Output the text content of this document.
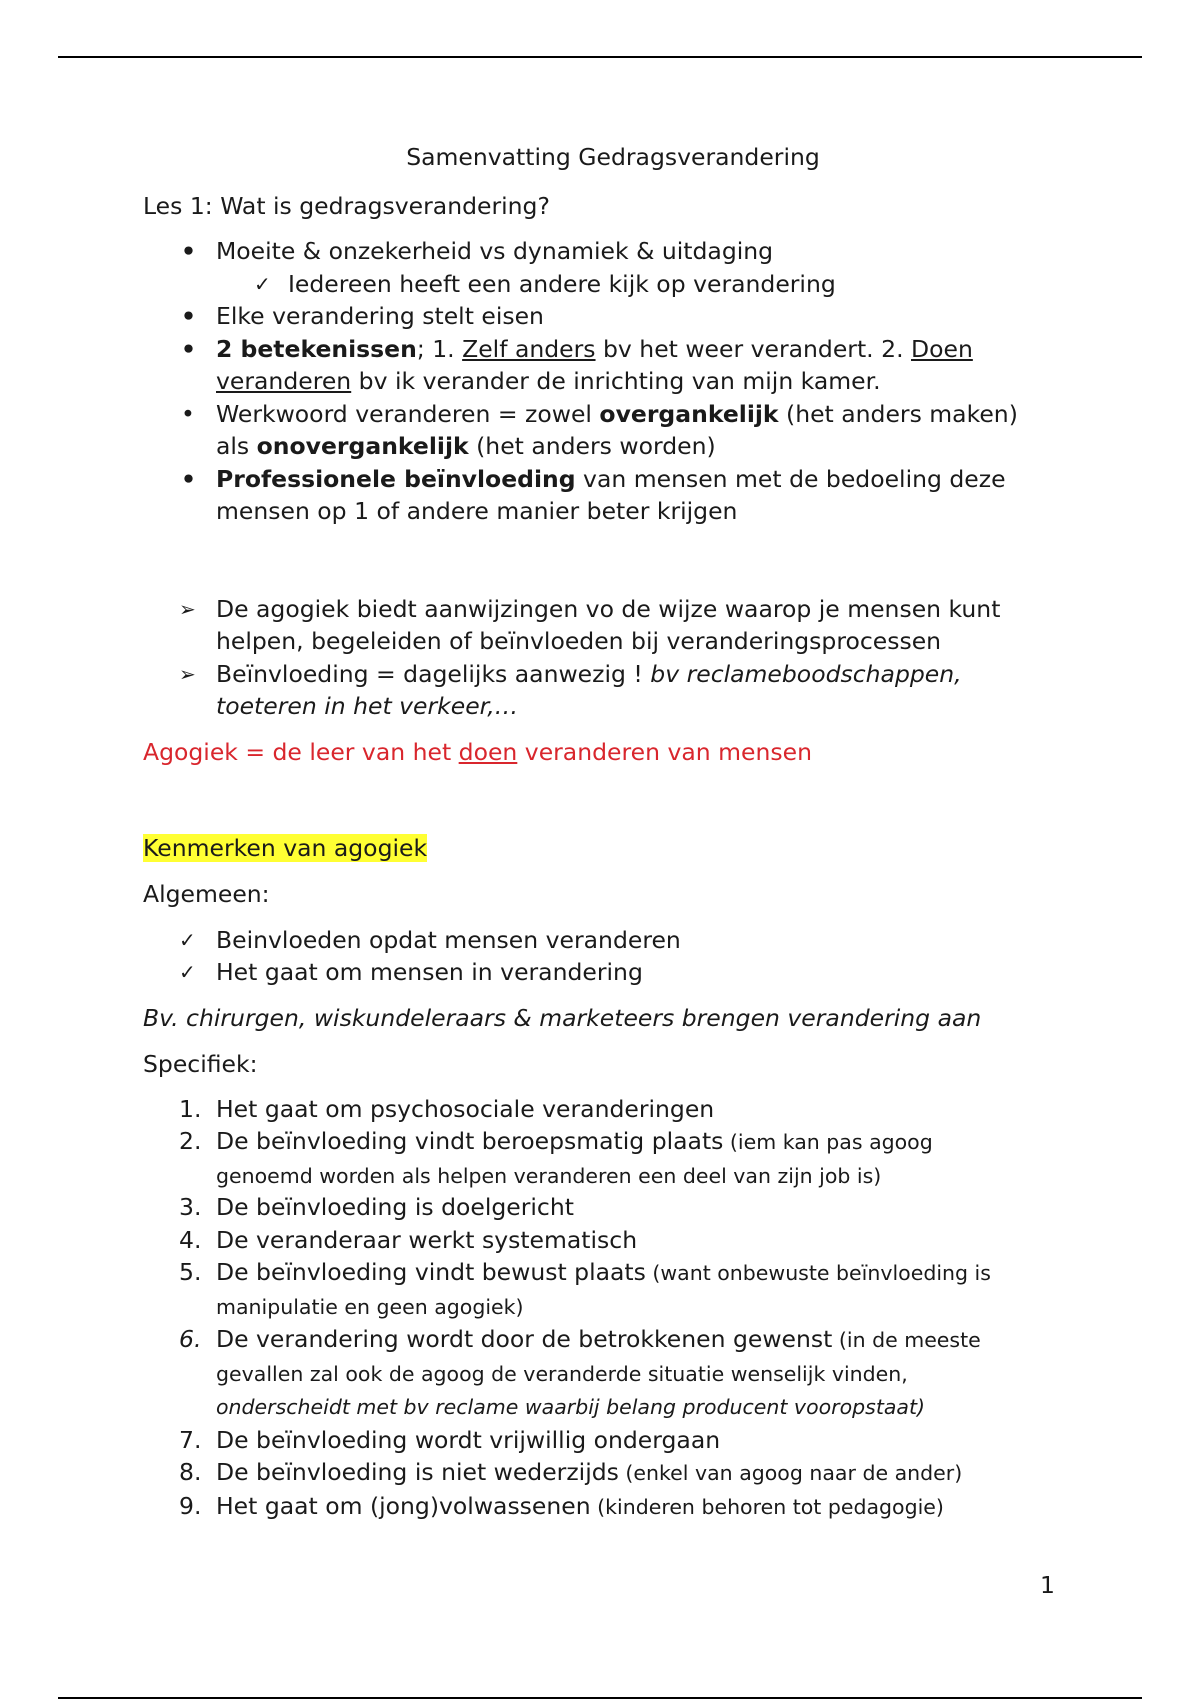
Samenvatting Gedragsverandering

Les 1: Wat is gedragsverandering?

• Moeite & onzekerheid vs dynamiek & uitdaging
✓ Iedereen heeft een andere kijk op verandering
• Elke verandering stelt eisen
• 2 betekenissen; 1. Zelf anders bv het weer verandert. 2. Doen
veranderen bv ik verander de inrichting van mijn kamer.
• Werkwoord veranderen = zowel overgankelijk (het anders maken)
als onovergankelijk (het anders worden)
• Professionele beïnvloeding van mensen met de bedoeling deze
mensen op 1 of andere manier beter krijgen
➢ De agogiek biedt aanwijzingen vo de wijze waarop je mensen kunt
helpen, begeleiden of beïnvloeden bij veranderingsprocessen
➢ Beïnvloeding = dagelijks aanwezig ! bv reclameboodschappen,
toeteren in het verkeer,…

Agogiek = de leer van het doen veranderen van mensen

Kenmerken van agogiek

Algemeen:

✓ Beinvloeden opdat mensen veranderen
✓ Het gaat om mensen in verandering

Bv. chirurgen, wiskundeleraars & marketeers brengen verandering aan

Specifiek:

1. Het gaat om psychosociale veranderingen
2. De beïnvloeding vindt beroepsmatig plaats (iem kan pas agoog
genoemd worden als helpen veranderen een deel van zijn job is)
3. De beïnvloeding is doelgericht
4. De veranderaar werkt systematisch
5. De beïnvloeding vindt bewust plaats (want onbewuste beïnvloeding is
manipulatie en geen agogiek)
6. De verandering wordt door de betrokkenen gewenst (in de meeste
gevallen zal ook de agoog de veranderde situatie wenselijk vinden,
onderscheidt met bv reclame waarbij belang producent vooropstaat)
7. De beïnvloeding wordt vrijwillig ondergaan
8. De beïnvloeding is niet wederzijds (enkel van agoog naar de ander)
9. Het gaat om (jong)volwassenen (kinderen behoren tot pedagogie)
1
